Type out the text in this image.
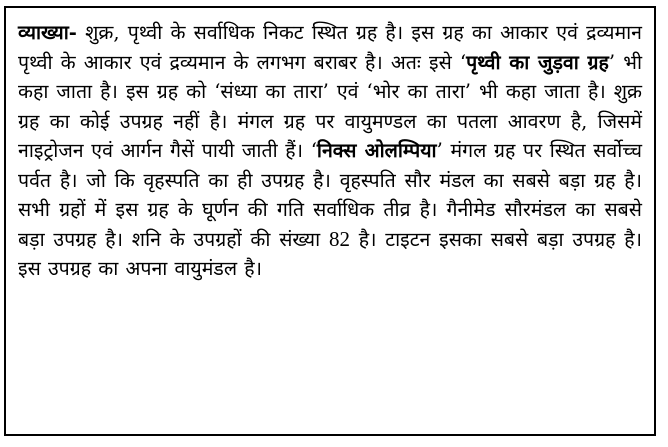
व्याख्या- शुक्र, पृथ्वी के सर्वाधिक निकट स्थित ग्रह है। इस ग्रह का आकार एवं द्रव्यमान पृथ्वी के आकार एवं द्रव्यमान के लगभग बराबर है। अतः इसे ‘पृथ्वी का जुड़वा ग्रह’ भी कहा जाता है। इस ग्रह को ‘संध्या का तारा’ एवं ‘भोर का तारा’ भी कहा जाता है। शुक्र ग्रह का कोई उपग्रह नहीं है। मंगल ग्रह पर वायुमण्डल का पतला आवरण है, जिसमें नाइट्रोजन एवं आर्गन गैसें पायी जाती हैं। ‘निक्स ओलम्पिया’ मंगल ग्रह पर स्थित सर्वोच्च पर्वत है। जो कि वृहस्पति का ही उपग्रह है। वृहस्पति सौर मंडल का सबसे बड़ा ग्रह है। सभी ग्रहों में इस ग्रह के घूर्णन की गति सर्वाधिक तीव्र है। गैनीमेड सौरमंडल का सबसे बड़ा उपग्रह है। शनि के उपग्रहों की संख्या 82 है। टाइटन इसका सबसे बड़ा उपग्रह है। इस उपग्रह का अपना वायुमंडल है।
